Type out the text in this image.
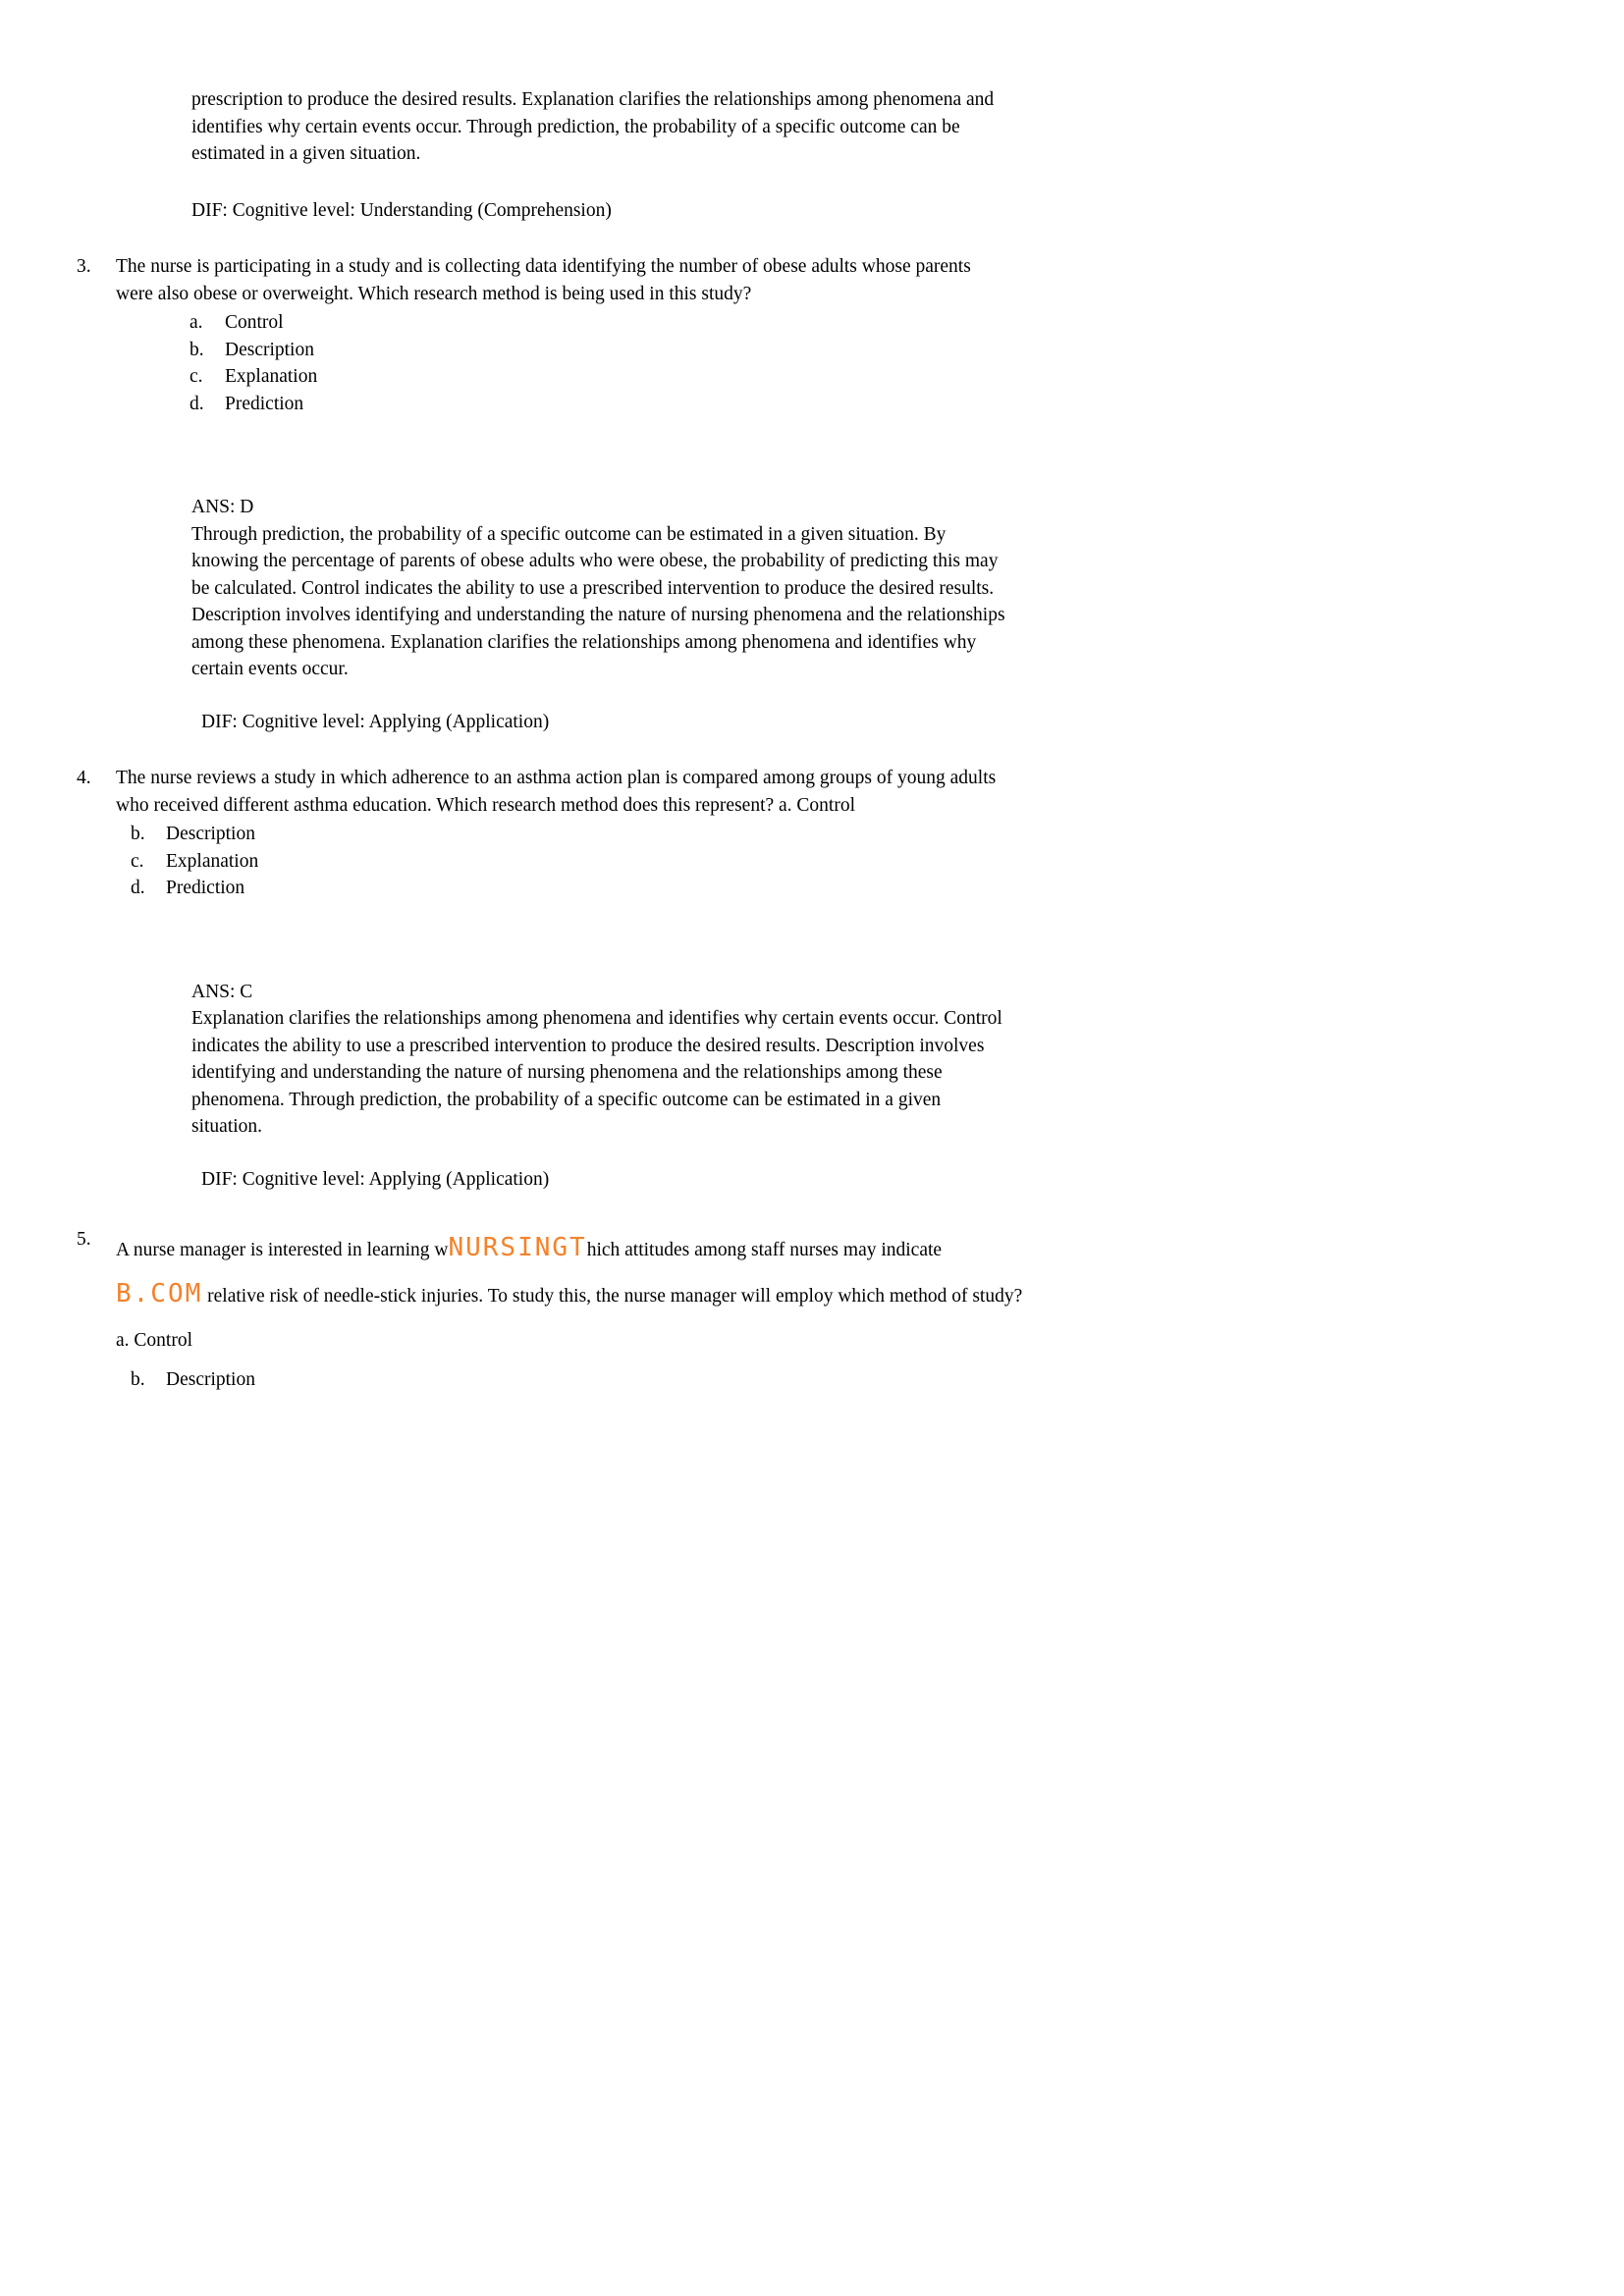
prescription to produce the desired results. Explanation clarifies the relationships among phenomena and identifies why certain events occur. Through prediction, the probability of a specific outcome can be estimated in a given situation.

DIF: Cognitive level: Understanding (Comprehension)

3.	The nurse is participating in a study and is collecting data identifying the number of obese adults whose parents were also obese or overweight. Which research method is being used in this study?

a.	Control
b.	Description
c.	Explanation
d.	Prediction

ANS: D

Through prediction, the probability of a specific outcome can be estimated in a given situation. By knowing the percentage of parents of obese adults who were obese, the probability of predicting this may be calculated. Control indicates the ability to use a prescribed intervention to produce the desired results. Description involves identifying and understanding the nature of nursing phenomena and the relationships among these phenomena. Explanation clarifies the relationships among phenomena and identifies why certain events occur.

DIF: Cognitive level: Applying (Application)

4.	The nurse reviews a study in which adherence to an asthma action plan is compared among groups of young adults who received different asthma education. Which research method does this represent? a. Control

b.	Description
c.	Explanation
d.	Prediction

ANS: C

Explanation clarifies the relationships among phenomena and identifies why certain events occur. Control indicates the ability to use a prescribed intervention to produce the desired results. Description involves identifying and understanding the nature of nursing phenomena and the relationships among these phenomena. Through prediction, the probability of a specific outcome can be estimated in a given situation.

DIF: Cognitive level: Applying (Application)

5.

A nurse manager is interested in learning wNURSINGThich attitudes among staff nurses may indicate B.COM relative risk of needle-stick injuries. To study this, the nurse manager will employ which method of study? a. Control

b.	Description
